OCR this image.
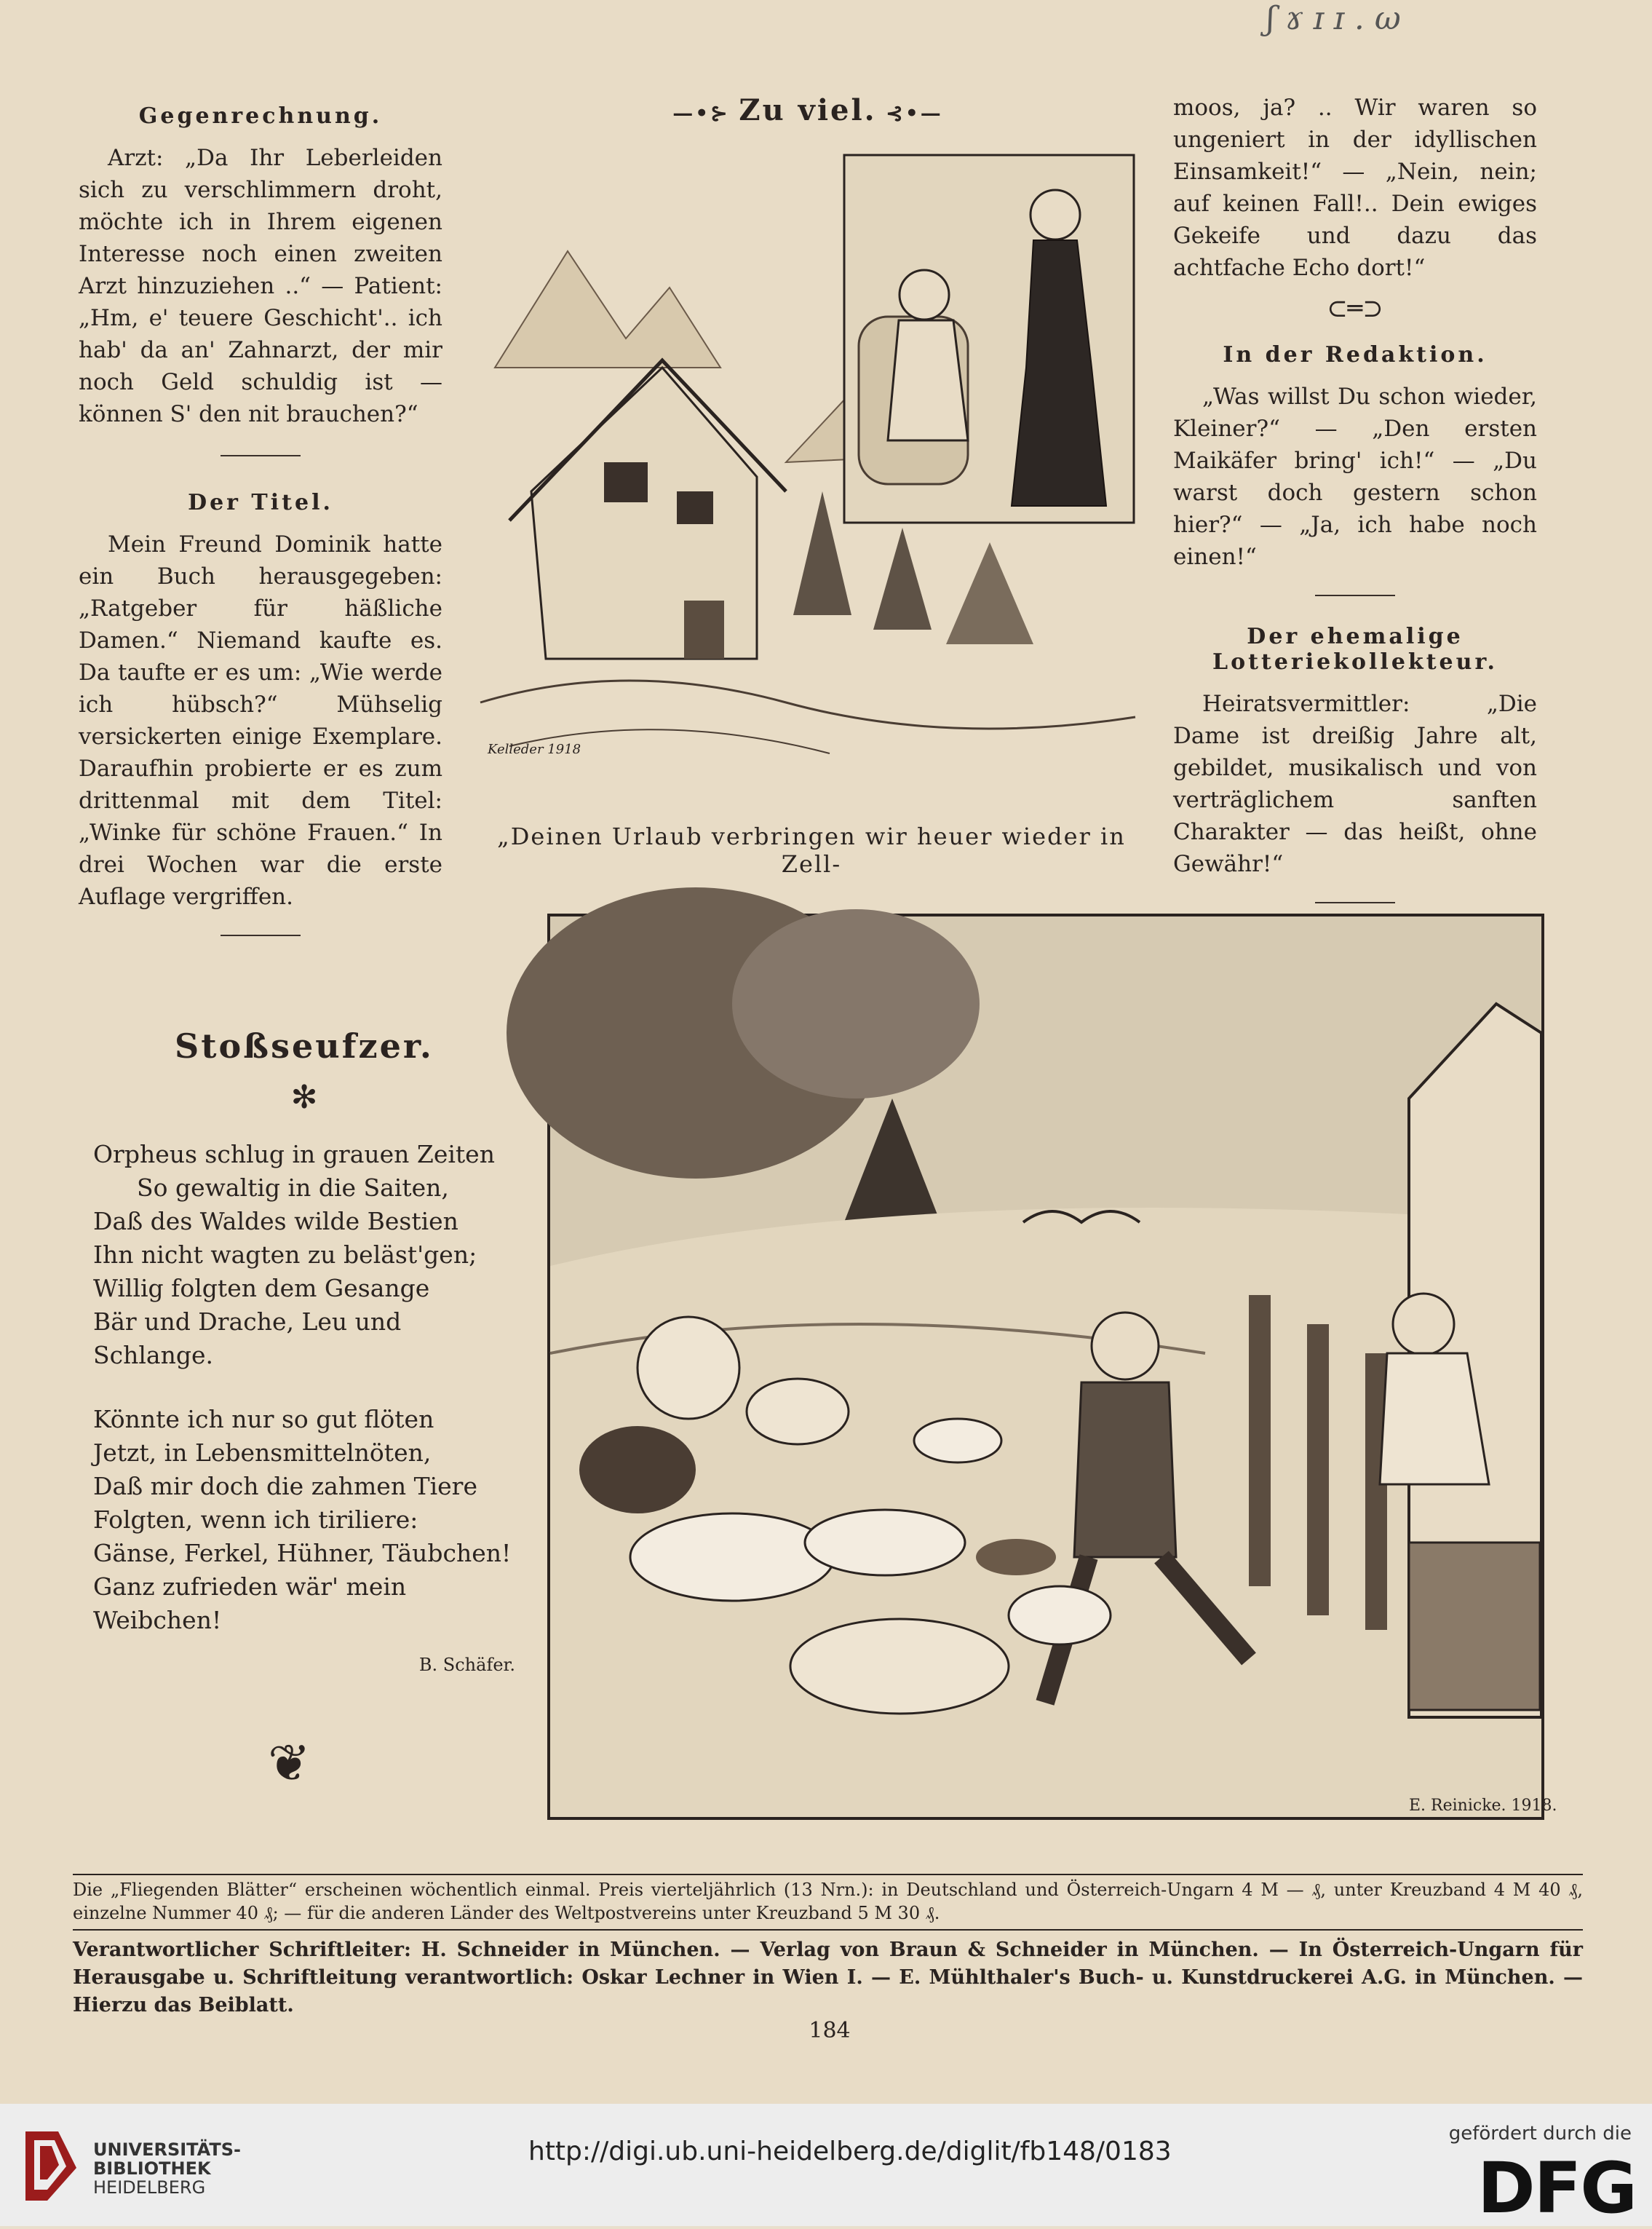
ʃ ɤ ɪ ɪ . ω
Gegenrechnung.

Arzt: „Da Ihr Leberleiden sich zu verschlimmern droht, möchte ich in Ihrem eigenen Interesse noch einen zweiten Arzt hinzuziehen ..“ — Patient: „Hm, e' teuere Geschicht'.. ich hab' da an' Zahnarzt, der mir noch Geld schuldig ist — können S' den nit brauchen?“

Der Titel.

Mein Freund Dominik hatte ein Buch herausgegeben: „Ratgeber für häßliche Damen.“ Niemand kaufte es. Da taufte er es um: „Wie werde ich hübsch?“ Mühselig versickerten einige Exemplare. Daraufhin probierte er es zum drittenmal mit dem Titel: „Winke für schöne Frauen.“ In drei Wochen war die erste Auflage vergriffen.

—•⊱ Zu viel. ⊰•—
Kelleder 1918
„Deinen Urlaub verbringen wir heuer wieder in Zell-

moos, ja? .. Wir waren so ungeniert in der idyllischen Einsamkeit!“ — „Nein, nein; auf keinen Fall!.. Dein ewiges Gekeife und dazu das achtfache Echo dort!“

⊂═⊃
In der Redaktion.

„Was willst Du schon wieder, Kleiner?“ — „Den ersten Maikäfer bring' ich!“ — „Du warst doch gestern schon hier?“ — „Ja, ich habe noch einen!“

Der ehemalige Lotteriekollekteur.

Heiratsvermittler: „Die Dame ist dreißig Jahre alt, gebildet, musikalisch und von verträglichem sanften Charakter — das heißt, ohne Gewähr!“

Stoßseufzer.
✻
Orpheus schlug in grauen Zeiten
So gewaltig in die Saiten,
Daß des Waldes wilde Bestien
Ihn nicht wagten zu beläst'gen;
Willig folgten dem Gesange
Bär und Drache, Leu und Schlange.
Könnte ich nur so gut flöten
Jetzt, in Lebensmittelnöten,
Daß mir doch die zahmen Tiere
Folgten, wenn ich tiriliere:
Gänse, Ferkel, Hühner, Täubchen!
Ganz zufrieden wär' mein Weibchen!
B. Schäfer.
❦
E. Reinicke. 1918.
Die „Fliegenden Blätter“ erscheinen wöchentlich einmal. Preis vierteljährlich (13 Nrn.): in Deutschland und Österreich-Ungarn 4 M — ₰, unter Kreuzband 4 M 40 ₰, einzelne Nummer 40 ₰; — für die anderen Länder des Weltpostvereins unter Kreuzband 5 M 30 ₰.
Verantwortlicher Schriftleiter: H. Schneider in München. — Verlag von Braun & Schneider in München. — In Österreich-Ungarn für Herausgabe u. Schriftleitung verantwortlich: Oskar Lechner in Wien I. — E. Mühlthaler's Buch- u. Kunstdruckerei A.G. in München. — Hierzu das Beiblatt.
184
UNIVERSITÄTS-
BIBLIOTHEK
HEIDELBERG
http://digi.ub.uni-heidelberg.de/diglit/fb148/0183
gefördert durch die
DFG
